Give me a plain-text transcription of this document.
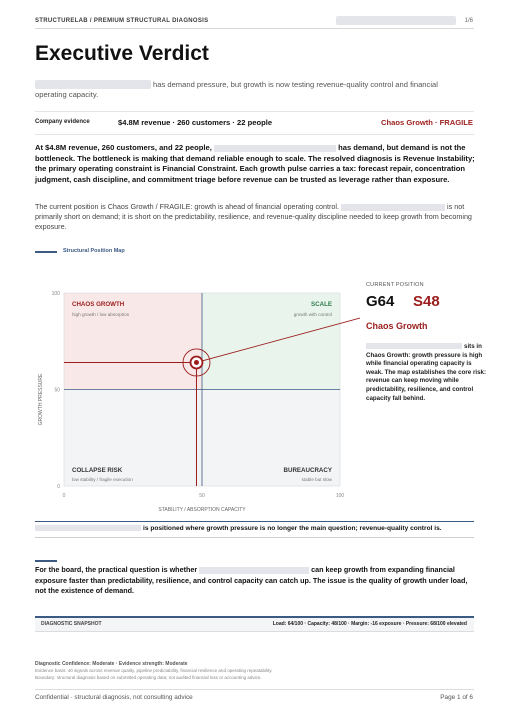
STRUCTURELAB / PREMIUM STRUCTURAL DIAGNOSIS	1/6
Executive Verdict
has demand pressure, but growth is now testing revenue-quality control and financial operating capacity.
Company evidence	$4.8M revenue · 260 customers · 22 people	Chaos Growth · FRAGILE
At $4.8M revenue, 260 customers, and 22 people,	has demand, but demand is not the bottleneck. The bottleneck is making that demand reliable enough to scale. The resolved diagnosis is Revenue Instability; the primary operating constraint is Financial Constraint. Each growth pulse carries a tax: forecast repair, concentration judgment, cash discipline, and commitment triage before revenue can be trusted as leverage rather than exposure.
The current position is Chaos Growth / FRAGILE: growth is ahead of financial operating control.	is not primarily short on demand; it is short on the predictability, resilience, and revenue-quality discipline needed to keep growth from becoming exposure.
Structural Position Map
CHAOS GROWTH
high growth / low absorption
SCALE
growth with control
COLLAPSE RISK
low stability / fragile execution
BUREAUCRACY
stable but slow
0
50
100
0	50	100
STABILITY / ABSORPTION CAPACITY
GROWTH PRESSURE
CURRENT POSITION
G64 S48
Chaos Growth
sits in Chaos Growth: growth pressure is high while financial operating capacity is weak. The map establishes the core risk: revenue can keep moving while predictability, resilience, and control capacity fall behind.
is positioned where growth pressure is no longer the main question; revenue-quality control is.
For the board, the practical question is whether	can keep growth from expanding financial exposure faster than predictability, resilience, and control capacity can catch up. The issue is the quality of growth under load, not the existence of demand.
DIAGNOSTIC SNAPSHOT	Load: 64/100 · Capacity: 48/100 · Margin: -16 exposure · Pressure: 68/100 elevated
Diagnostic Confidence: Moderate · Evidence strength: Moderate
Evidence basis: 40 signals across revenue quality, pipeline predictability, financial resilience and operating repeatability.
Boundary: structural diagnosis based on submitted operating data; not audited financial loss or accounting advice.
Confidential · structural diagnosis, not consulting advice	Page 1 of 6
